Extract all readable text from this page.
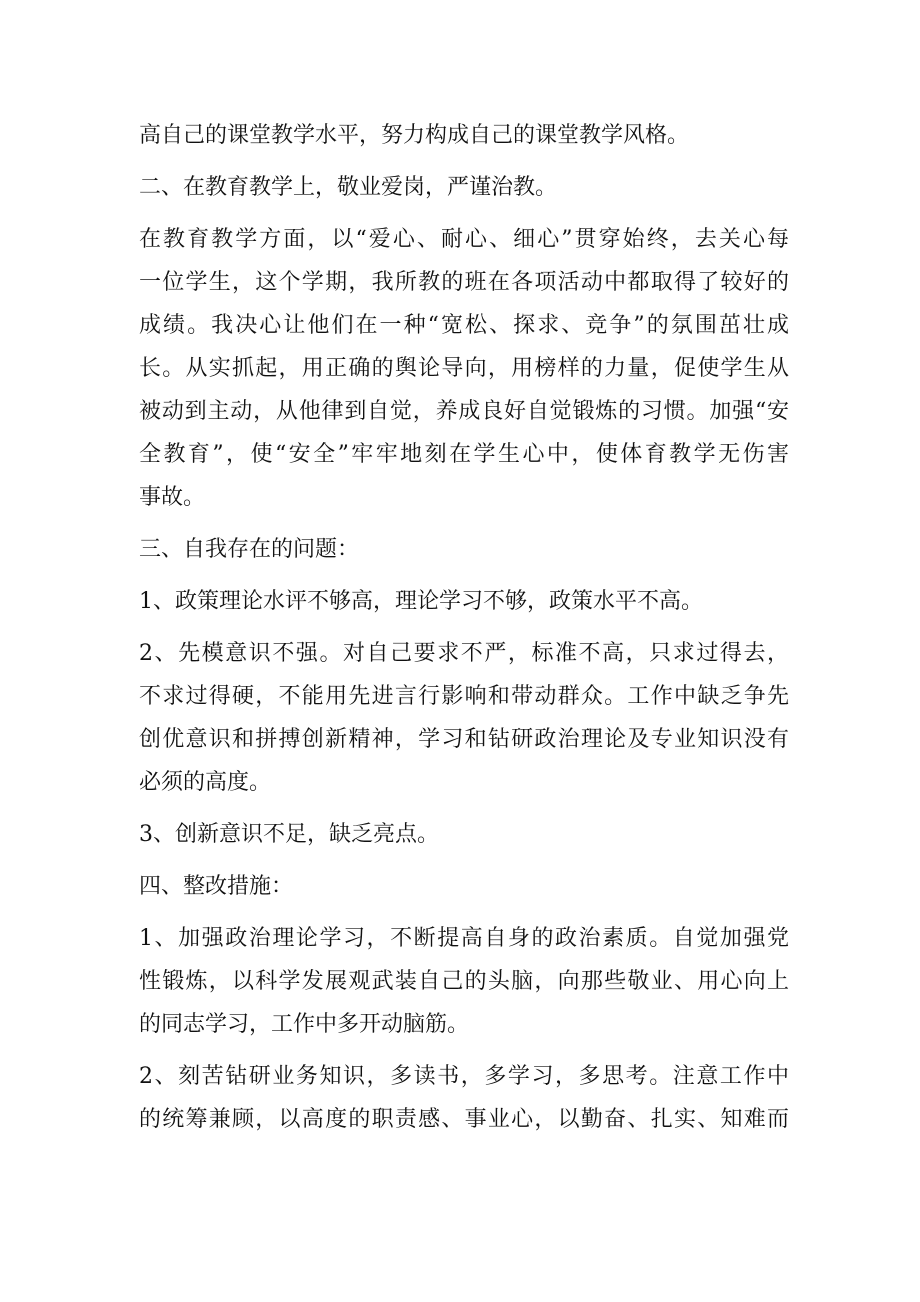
高自己的课堂教学水平，努力构成自己的课堂教学风格。
二、在教育教学上，敬业爱岗，严谨治教。
在教育教学方面，以“爱心、耐心、细心”贯穿始终，去关心每
一位学生，这个学期，我所教的班在各项活动中都取得了较好的
成绩。我决心让他们在一种“宽松、探求、竞争”的氛围茁壮成
长。从实抓起，用正确的舆论导向，用榜样的力量，促使学生从
被动到主动，从他律到自觉，养成良好自觉锻炼的习惯。加强“安
全教育”，使“安全”牢牢地刻在学生心中，使体育教学无伤害
事故。
三、自我存在的问题：
1、政策理论水评不够高，理论学习不够，政策水平不高。
2、先模意识不强。对自己要求不严，标准不高，只求过得去，
不求过得硬，不能用先进言行影响和带动群众。工作中缺乏争先
创优意识和拼搏创新精神，学习和钻研政治理论及专业知识没有
必须的高度。
3、创新意识不足，缺乏亮点。
四、整改措施：
1、加强政治理论学习，不断提高自身的政治素质。自觉加强党
性锻炼，以科学发展观武装自己的头脑，向那些敬业、用心向上
的同志学习，工作中多开动脑筋。
2、刻苦钻研业务知识，多读书，多学习，多思考。注意工作中
的统筹兼顾，以高度的职责感、事业心，以勤奋、扎实、知难而
